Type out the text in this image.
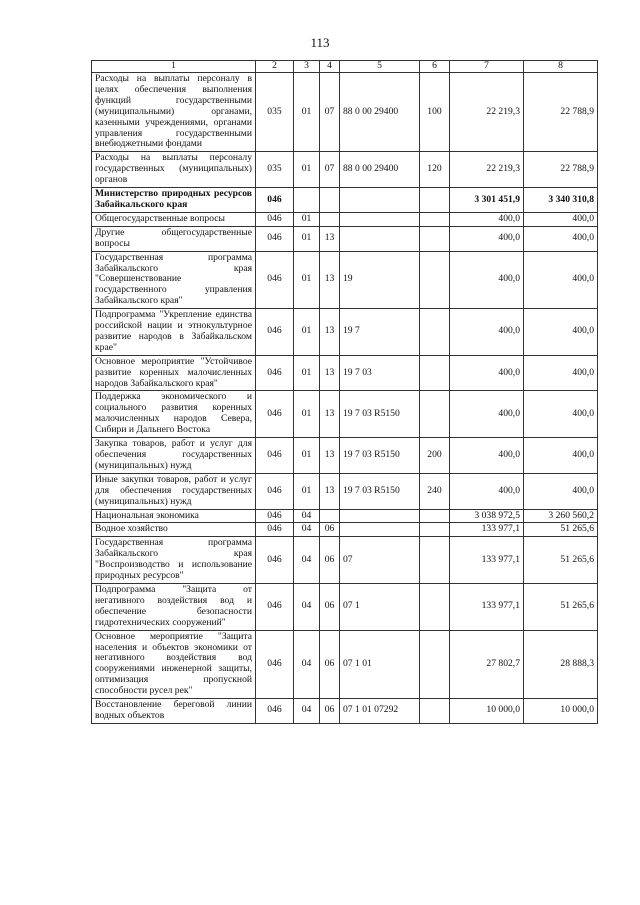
113
1	2	3	4	5	6	7	8
Расходы на выплаты персоналу в целях обеспечения выполнения функций государственными (муниципальными) органами, казенными учреждениями, органами управления государственными внебюджетными фондами	035	01	07	88 0 00 29400	100	22 219,3	22 788,9
Расходы на выплаты персоналу государственных (муниципальных) органов	035	01	07	88 0 00 29400	120	22 219,3	22 788,9
Министерство природных ресурсов Забайкальского края	046					3 301 451,9	3 340 310,8
Общегосударственные вопросы	046	01				400,0	400,0
Другие общегосударственные вопросы	046	01	13			400,0	400,0
Государственная программа Забайкальского края "Совершенствование государственного управления Забайкальского края"	046	01	13	19		400,0	400,0
Подпрограмма "Укрепление единства российской нации и этнокультурное развитие народов в Забайкальском крае"	046	01	13	19 7		400,0	400,0
Основное мероприятие "Устойчивое развитие коренных малочисленных народов Забайкальского края"	046	01	13	19 7 03		400,0	400,0
Поддержка экономического и социального развития коренных малочисленных народов Севера, Сибири и Дальнего Востока	046	01	13	19 7 03 R5150		400,0	400,0
Закупка товаров, работ и услуг для обеспечения государственных (муниципальных) нужд	046	01	13	19 7 03 R5150	200	400,0	400,0
Иные закупки товаров, работ и услуг для обеспечения государственных (муниципальных) нужд	046	01	13	19 7 03 R5150	240	400,0	400,0
Национальная экономика	046	04				3 038 972,5	3 260 560,2
Водное хозяйство	046	04	06			133 977,1	51 265,6
Государственная программа Забайкальского края "Воспроизводство и использование природных ресурсов"	046	04	06	07		133 977,1	51 265,6
Подпрограмма "Защита от негативного воздействия вод и обеспечение безопасности гидротехнических сооружений"	046	04	06	07 1		133 977,1	51 265,6
Основное мероприятие "Защита населения и объектов экономики от негативного воздействия вод сооружениями инженерной защиты, оптимизация пропускной способности русел рек"	046	04	06	07 1 01		27 802,7	28 888,3
Восстановление береговой линии водных объектов	046	04	06	07 1 01 07292		10 000,0	10 000,0
